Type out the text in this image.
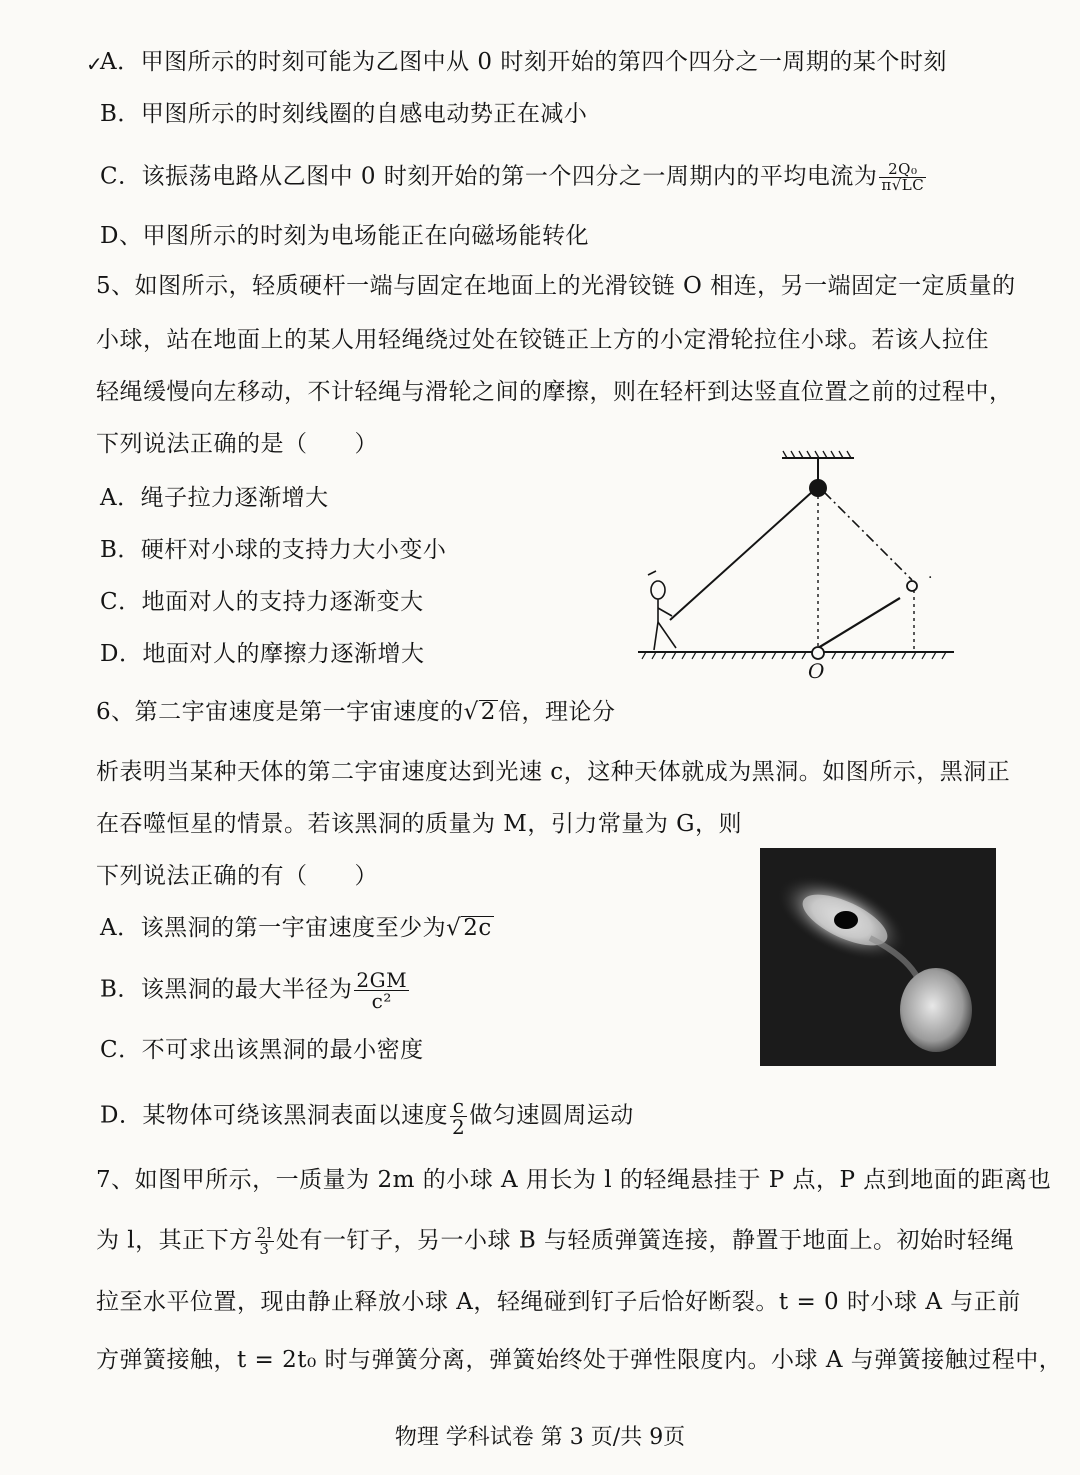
✓
A．甲图所示的时刻可能为乙图中从 0 时刻开始的第四个四分之一周期的某个时刻
B．甲图所示的时刻线圈的自感电动势正在减小
C．该振荡电路从乙图中 0 时刻开始的第一个四分之一周期内的平均电流为 $\frac{\text{2Q₀}}{\pi√LC}$
D、甲图所示的时刻为电场能正在向磁场能转化
5、如图所示，轻质硬杆一端与固定在地面上的光滑铰链 O 相连，另一端固定一定质量的
小球，站在地面上的某人用轻绳绕过处在铰链正上方的小定滑轮拉住小球。若该人拉住
轻绳缓慢向左移动，不计轻绳与滑轮之间的摩擦，则在轻杆到达竖直位置之前的过程中，
下列说法正确的是（　　）
A．绳子拉力逐渐增大
B．硬杆对小球的支持力大小变小
C．地面对人的支持力逐渐变大
D．地面对人的摩擦力逐渐增大
·
O
6、第二宇宙速度是第一宇宙速度的√2倍，理论分
析表明当某种天体的第二宇宙速度达到光速 c，这种天体就成为黑洞。如图所示，黑洞正
在吞噬恒星的情景。若该黑洞的质量为 M，引力常量为 G，则
下列说法正确的有（　　）
A．该黑洞的第一宇宙速度至少为√2c
B．该黑洞的最大半径为 $\frac{2GM}{\text{c²}}$
C．不可求出该黑洞的最小密度
D．某物体可绕该黑洞表面以速度 $\frac{c}{2}$ 做匀速圆周运动
7、如图甲所示，一质量为 2m 的小球 A 用长为 l 的轻绳悬挂于 P 点，P 点到地面的距离也
为 l，其正下方 $\frac{2l}{3}$ 处有一钉子，另一小球 B 与轻质弹簧连接，静置于地面上。初始时轻绳
拉至水平位置，现由静止释放小球 A，轻绳碰到钉子后恰好断裂。t = 0 时小球 A 与正前
方弹簧接触，t = 2t₀ 时与弹簧分离，弹簧始终处于弹性限度内。小球 A 与弹簧接触过程中，
物理 学科试卷 第 3 页/共 9页
